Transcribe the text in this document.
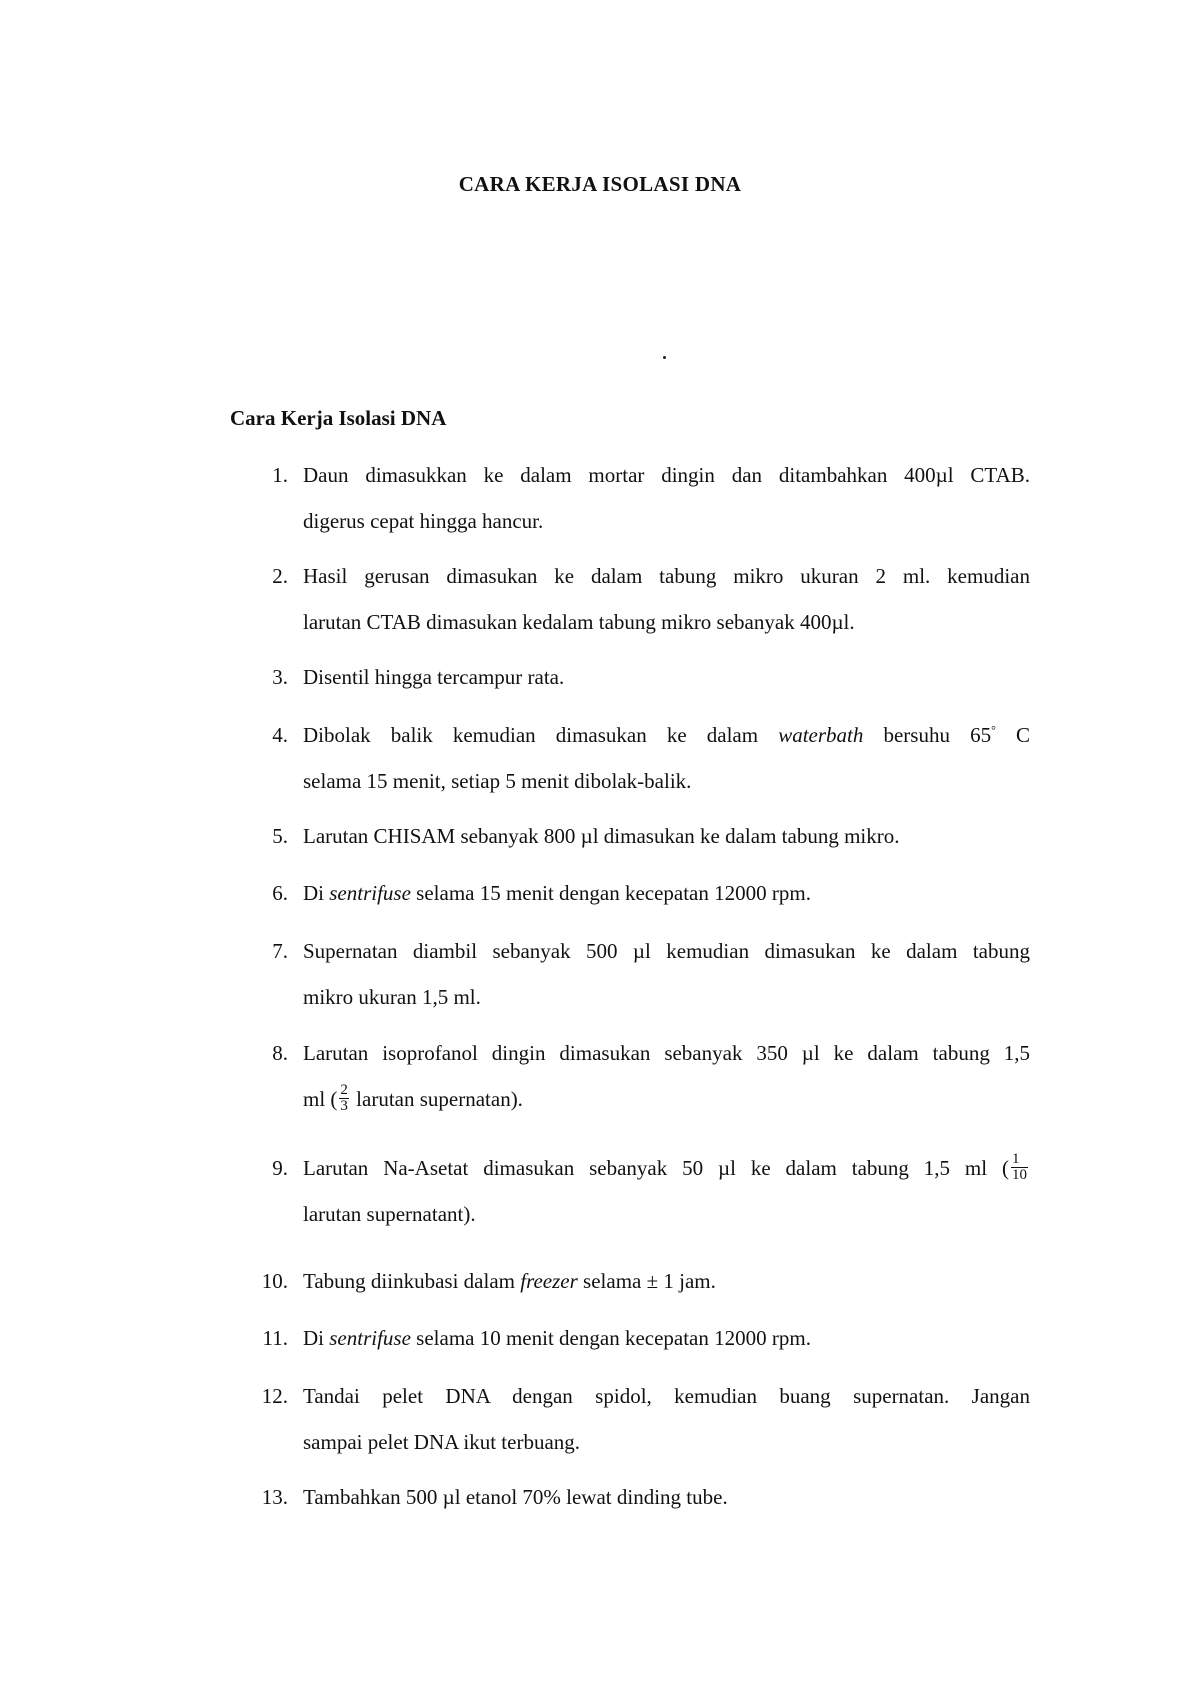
CARA KERJA ISOLASI DNA
Cara Kerja Isolasi DNA
1. Daun dimasukkan ke dalam mortar dingin dan ditambahkan 400µl CTAB.
digerus cepat hingga hancur.
2. Hasil gerusan dimasukan ke dalam tabung mikro ukuran 2 ml. kemudian
larutan CTAB dimasukan kedalam tabung mikro sebanyak 400µl.
3. Disentil hingga tercampur rata.
4. Dibolak balik kemudian dimasukan ke dalam waterbath bersuhu 65° C
selama 15 menit, setiap 5 menit dibolak-balik.
5. Larutan CHISAM sebanyak 800 µl dimasukan ke dalam tabung mikro.
6. Di sentrifuse selama 15 menit dengan kecepatan 12000 rpm.
7. Supernatan diambil sebanyak 500 µl kemudian dimasukan ke dalam tabung
mikro ukuran 1,5 ml.
8. Larutan isoprofanol dingin dimasukan sebanyak 350 µl ke dalam tabung 1,5
ml ( $\frac{2}{3}$ larutan supernatan).
9. Larutan Na-Asetat dimasukan sebanyak 50 µl ke dalam tabung 1,5 ml ( $\frac{1}{10}$
larutan supernatant).
10. Tabung diinkubasi dalam freezer selama ± 1 jam.
11. Di sentrifuse selama 10 menit dengan kecepatan 12000 rpm.
12. Tandai pelet DNA dengan spidol, kemudian buang supernatan. Jangan
sampai pelet DNA ikut terbuang.
13. Tambahkan 500 µl etanol 70% lewat dinding tube.
